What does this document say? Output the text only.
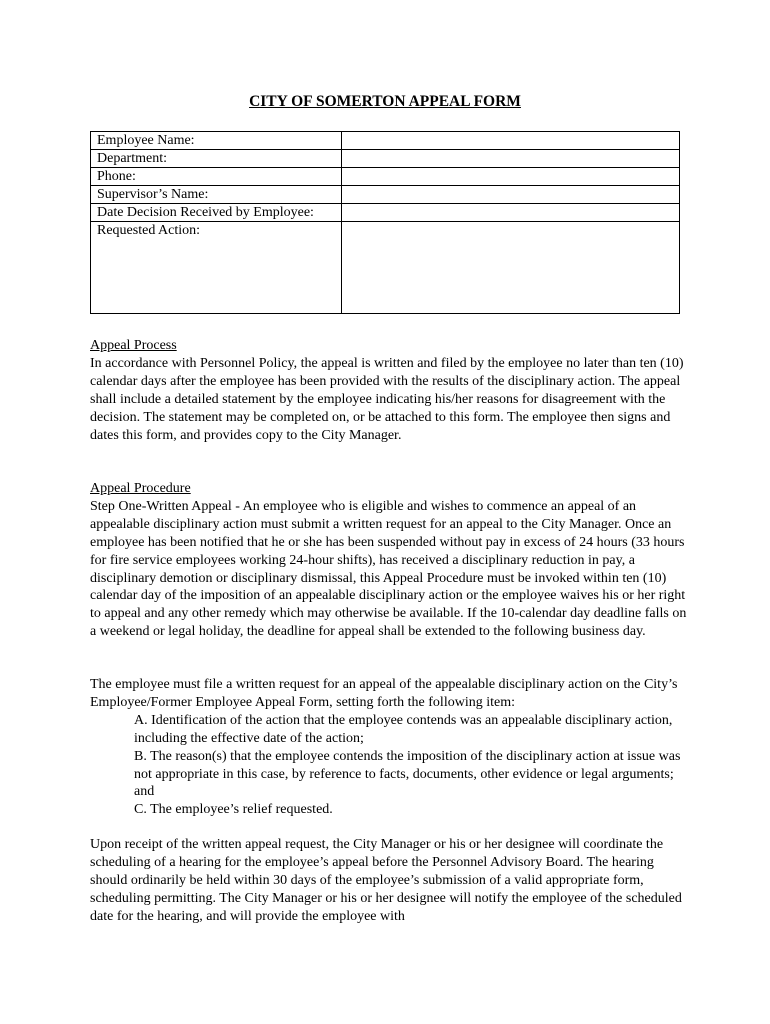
CITY OF SOMERTON APPEAL FORM
Employee Name:	
Department:	
Phone:	
Supervisor’s Name:	
Date Decision Received by Employee:	
Requested Action:	

Appeal Process

In accordance with Personnel Policy, the appeal is written and filed by the employee no later than ten (10) calendar days after the employee has been provided with the results of the disciplinary action. The appeal shall include a detailed statement by the employee indicating his/her reasons for disagreement with the decision. The statement may be completed on, or be attached to this form. The employee then signs and dates this form, and provides copy to the City Manager.

Appeal Procedure

Step One-Written Appeal - An employee who is eligible and wishes to commence an appeal of an appealable disciplinary action must submit a written request for an appeal to the City Manager. Once an employee has been notified that he or she has been suspended without pay in excess of 24 hours (33 hours for fire service employees working 24-hour shifts), has received a disciplinary reduction in pay, a disciplinary demotion or disciplinary dismissal, this Appeal Procedure must be invoked within ten (10) calendar day of the imposition of an appealable disciplinary action or the employee waives his or her right to appeal and any other remedy which may otherwise be available. If the 10-calendar day deadline falls on a weekend or legal holiday, the deadline for appeal shall be extended to the following business day.

The employee must file a written request for an appeal of the appealable disciplinary action on the City’s Employee/Former Employee Appeal Form, setting forth the following item:

A. Identification of the action that the employee contends was an appealable disciplinary action, including the effective date of the action;

B. The reason(s) that the employee contends the imposition of the disciplinary action at issue was not appropriate in this case, by reference to facts, documents, other evidence or legal arguments; and

C. The employee’s relief requested.

Upon receipt of the written appeal request, the City Manager or his or her designee will coordinate the scheduling of a hearing for the employee’s appeal before the Personnel Advisory Board. The hearing should ordinarily be held within 30 days of the employee’s submission of a valid appropriate form, scheduling permitting. The City Manager or his or her designee will notify the employee of the scheduled date for the hearing, and will provide the employee with
